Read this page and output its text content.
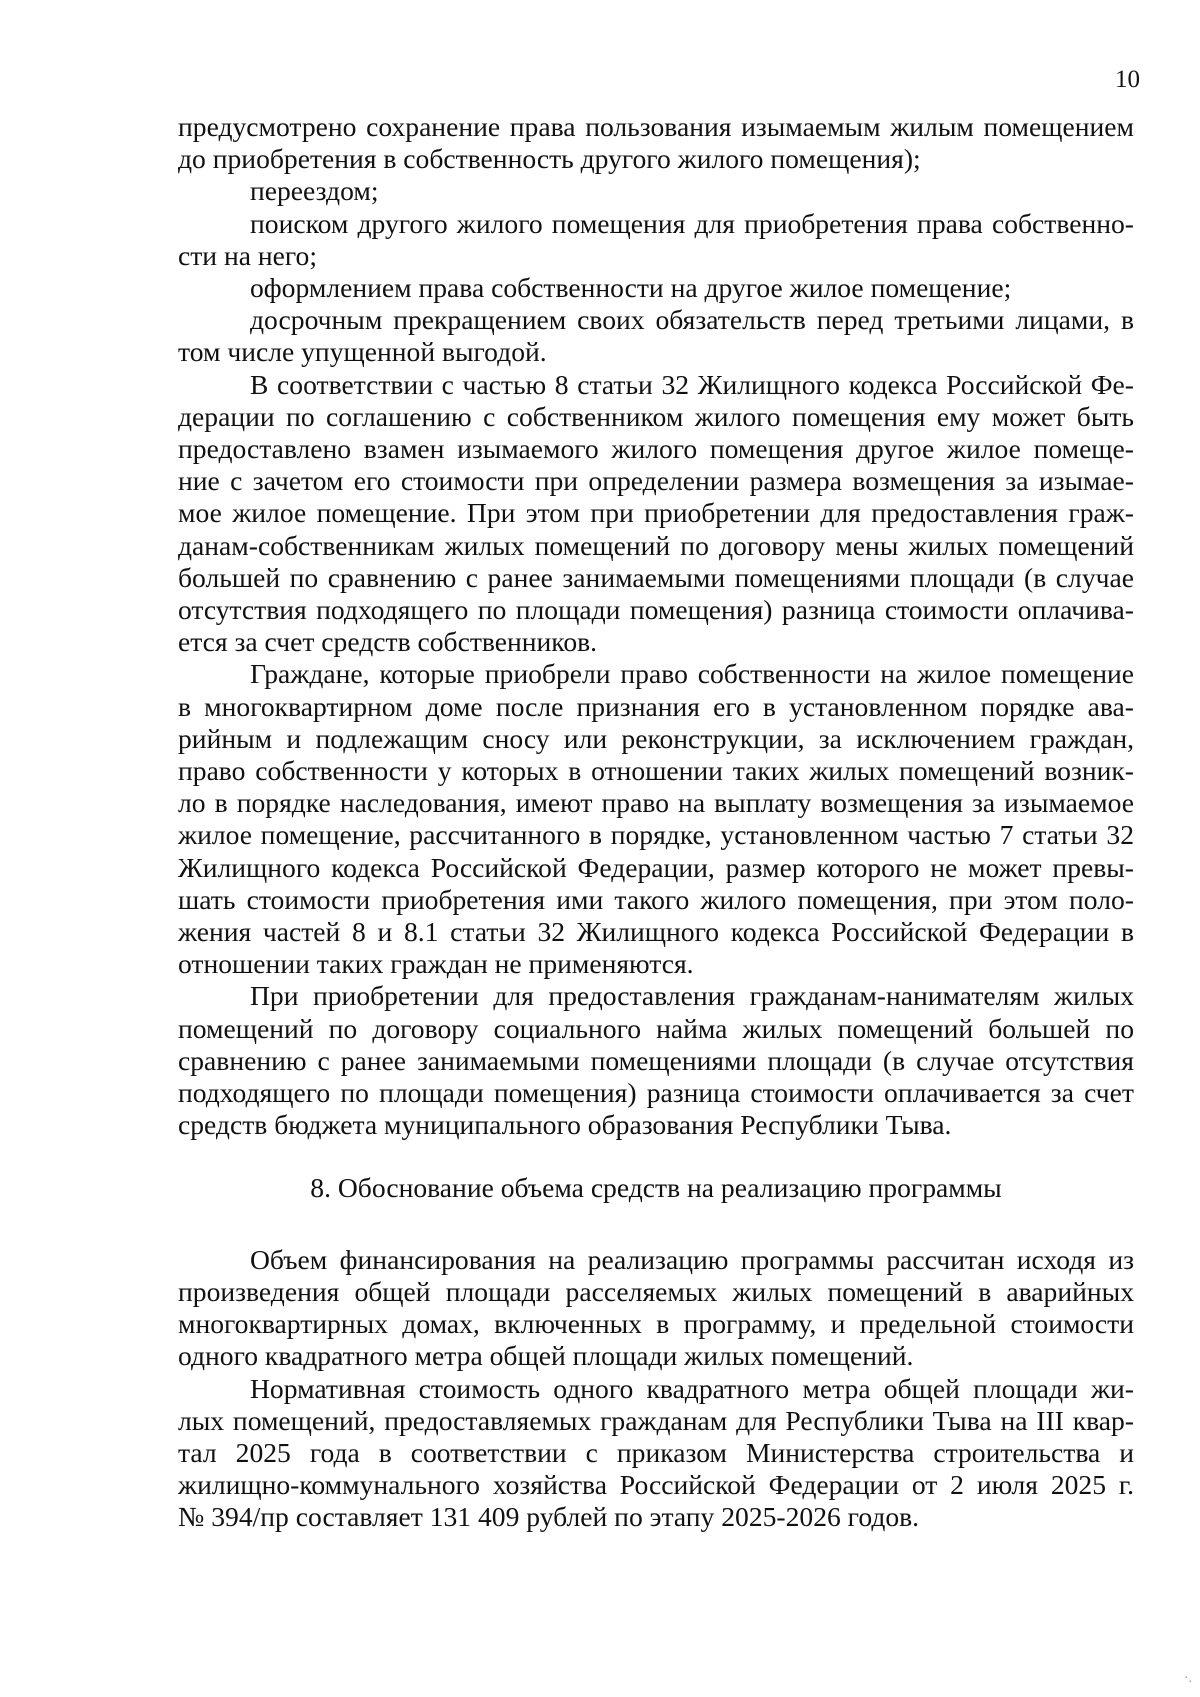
10
предусмотрено сохранение права пользования изымаемым жилым помещением
до приобретения в собственность другого жилого помещения);
переездом;
поиском другого жилого помещения для приобретения права собственно-
сти на него;
оформлением права собственности на другое жилое помещение;
досрочным прекращением своих обязательств перед третьими лицами, в
том числе упущенной выгодой.
В соответствии с частью 8 статьи 32 Жилищного кодекса Российской Фе-
дерации по соглашению с собственником жилого помещения ему может быть
предоставлено взамен изымаемого жилого помещения другое жилое помеще-
ние с зачетом его стоимости при определении размера возмещения за изымае-
мое жилое помещение. При этом при приобретении для предоставления граж-
данам-собственникам жилых помещений по договору мены жилых помещений
большей по сравнению с ранее занимаемыми помещениями площади (в случае
отсутствия подходящего по площади помещения) разница стоимости оплачива-
ется за счет средств собственников.
Граждане, которые приобрели право собственности на жилое помещение
в многоквартирном доме после признания его в установленном порядке ава-
рийным и подлежащим сносу или реконструкции, за исключением граждан,
право собственности у которых в отношении таких жилых помещений возник-
ло в порядке наследования, имеют право на выплату возмещения за изымаемое
жилое помещение, рассчитанного в порядке, установленном частью 7 статьи 32
Жилищного кодекса Российской Федерации, размер которого не может превы-
шать стоимости приобретения ими такого жилого помещения, при этом поло-
жения частей 8 и 8.1 статьи 32 Жилищного кодекса Российской Федерации в
отношении таких граждан не применяются.
При приобретении для предоставления гражданам-нанимателям жилых
помещений по договору социального найма жилых помещений большей по
сравнению с ранее занимаемыми помещениями площади (в случае отсутствия
подходящего по площади помещения) разница стоимости оплачивается за счет
средств бюджета муниципального образования Республики Тыва.
8. Обоснование объема средств на реализацию программы
Объем финансирования на реализацию программы рассчитан исходя из
произведения общей площади расселяемых жилых помещений в аварийных
многоквартирных домах, включенных в программу, и предельной стоимости
одного квадратного метра общей площади жилых помещений.
Нормативная стоимость одного квадратного метра общей площади жи-
лых помещений, предоставляемых гражданам для Республики Тыва на III квар-
тал 2025 года в соответствии с приказом Министерства строительства и
жилищно-коммунального хозяйства Российской Федерации от 2 июля 2025 г.
№ 394/пр составляет 131 409 рублей по этапу 2025-2026 годов.
·.
